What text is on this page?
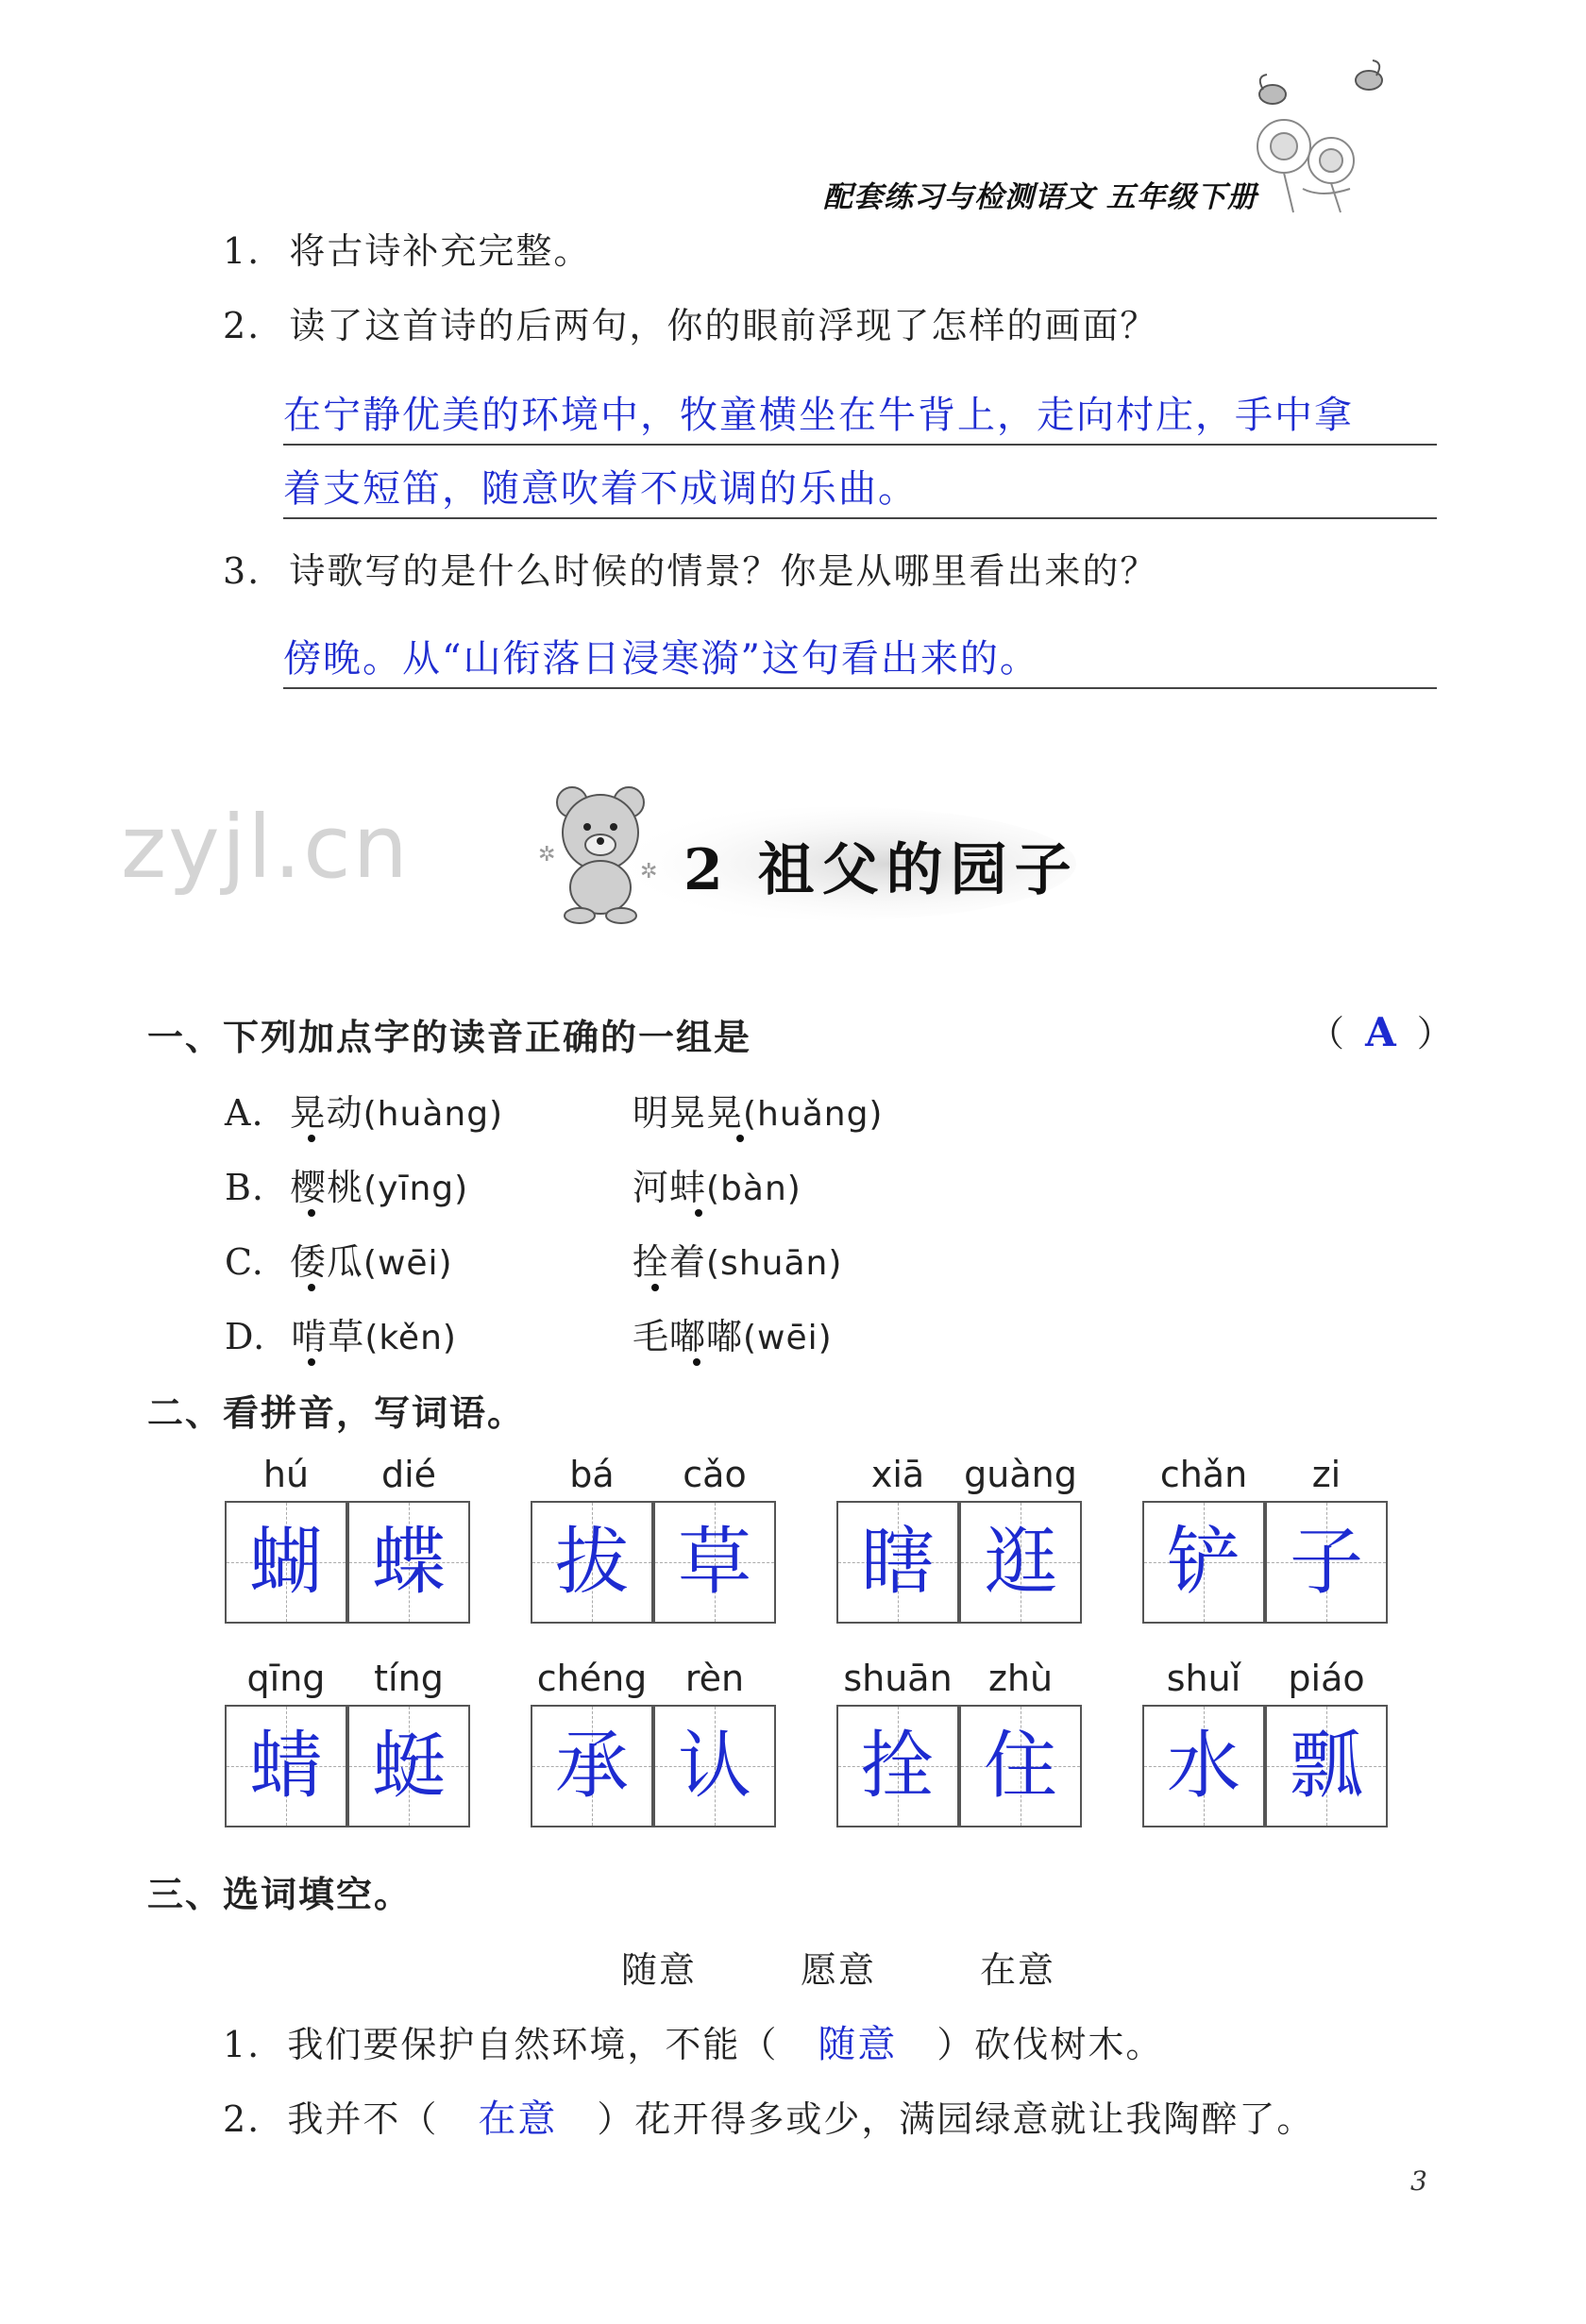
配套练习与检测语文 五年级下册
1. 将古诗补充完整。
2. 读了这首诗的后两句，你的眼前浮现了怎样的画面？
在宁静优美的环境中，牧童横坐在牛背上，走向村庄，手中拿
着支短笛，随意吹着不成调的乐曲。
3. 诗歌写的是什么时候的情景？你是从哪里看出来的？
傍晚。从“山衔落日浸寒漪”这句看出来的。
zyjl.cn	✲
✲ 2 祖父的园子
一、下列加点字的读音正确的一组是	（ A ）
A. 晃动(huàng)	明晃晃(huǎng)
B. 樱桃(yīng)	河蚌(bàn)
C. 倭瓜(wēi)	拴着(shuān)
D. 啃草(kěn)	毛嘟嘟(wēi)
二、看拼音，写词语。
hú	dié
蝴 蝶
bá	cǎo
拔 草
xiā	guàng
瞎 逛
chǎn	zi
铲 子
qīng	tíng
蜻 蜓
chéng	rèn
承 认
shuān	zhù
拴 住
shuǐ	piáo
水 瓢
三、选词填空。
随意	愿意	在意
1. 我们要保护自然环境，不能（ 随意 ）砍伐树木。
2. 我并不（ 在意 ）花开得多或少，满园绿意就让我陶醉了。
3
